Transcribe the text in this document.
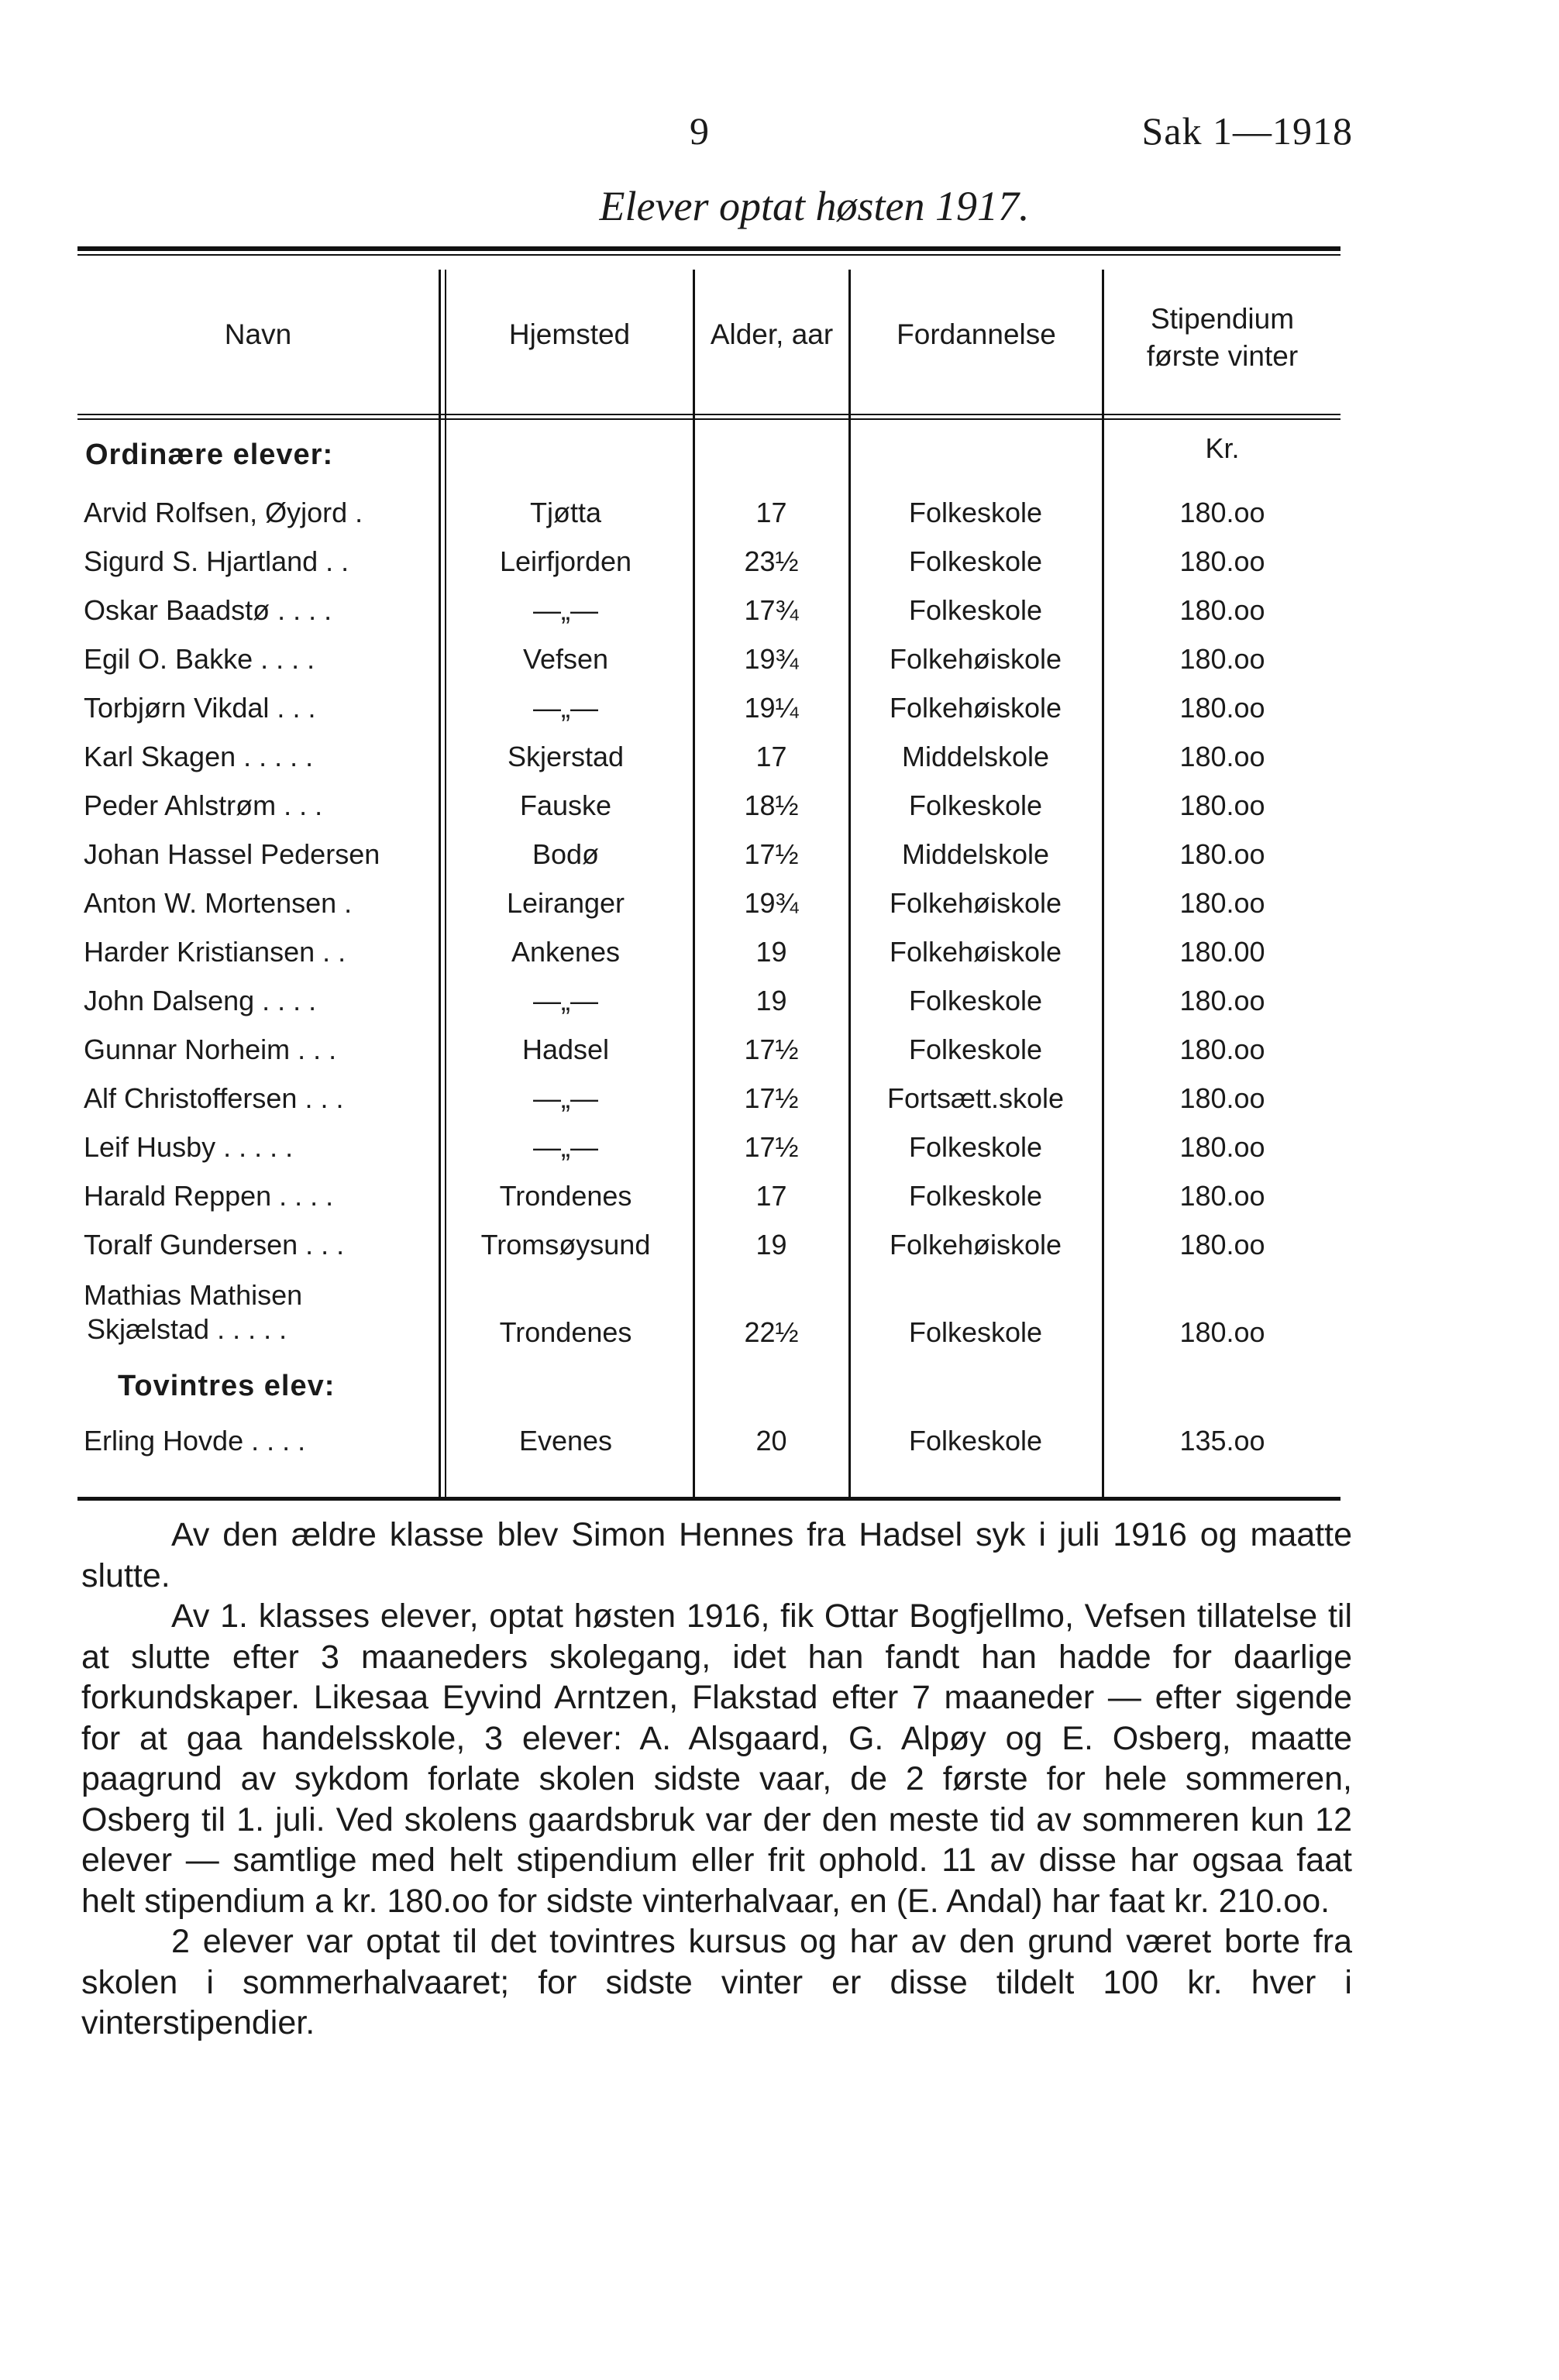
9	Sak 1—1918
Elever optat høsten 1917.
Navn	Hjemsted	Alder, aar	Fordannelse	Stipendium
første vinter
Ordinære elever:	Kr.
Arvid Rolfsen, Øyjord .	Tjøtta	17	Folkeskole	180.oo
Sigurd S. Hjartland . .	Leirfjorden	23½	Folkeskole	180.oo
Oskar Baadstø . . . .	—„—	17¾	Folkeskole	180.oo
Egil O. Bakke . . . .	Vefsen	19¾	Folkehøiskole	180.oo
Torbjørn Vikdal . . .	—„—	19¼	Folkehøiskole	180.oo
Karl Skagen . . . . .	Skjerstad	17	Middelskole	180.oo
Peder Ahlstrøm . . .	Fauske	18½	Folkeskole	180.oo
Johan Hassel Pedersen	Bodø	17½	Middelskole	180.oo
Anton W. Mortensen .	Leiranger	19¾	Folkehøiskole	180.oo
Harder Kristiansen . .	Ankenes	19	Folkehøiskole	180.00
John Dalseng . . . .	—„—	19	Folkeskole	180.oo
Gunnar Norheim . . .	Hadsel	17½	Folkeskole	180.oo
Alf Christoffersen . . .	—„—	17½	Fortsætt.skole	180.oo
Leif Husby . . . . .	—„—	17½	Folkeskole	180.oo
Harald Reppen . . . .	Trondenes	17	Folkeskole	180.oo
Toralf Gundersen . . .	Tromsøysund	19	Folkehøiskole	180.oo
Mathias Mathisen
Skjælstad . . . . .	Trondenes	22½	Folkeskole	180.oo
Tovintres elev:
Erling Hovde . . . .	Evenes	20	Folkeskole	135.oo

Av den ældre klasse blev Simon Hennes fra Hadsel syk i juli 1916 og maatte slutte.

Av 1. klasses elever, optat høsten 1916, fik Ottar Bogfjellmo, Vefsen tillatelse til at slutte efter 3 maaneders skolegang, idet han fandt han hadde for daarlige forkundskaper. Likesaa Eyvind Arntzen, Flakstad efter 7 maaneder — efter sigende for at gaa handelsskole, 3 elever: A. Alsgaard, G. Alpøy og E. Osberg, maatte paagrund av sykdom forlate skolen sidste vaar, de 2 første for hele sommeren, Osberg til 1. juli. Ved skolens gaardsbruk var der den meste tid av sommeren kun 12 elever — samtlige med helt stipendium eller frit ophold. 11 av disse har ogsaa faat helt stipendium a kr. 180.oo for sidste vinterhalvaar, en (E. Andal) har faat kr. 210.oo.

2 elever var optat til det tovintres kursus og har av den grund været borte fra skolen i sommerhalvaaret; for sidste vinter er disse tildelt 100 kr. hver i vinterstipendier.
